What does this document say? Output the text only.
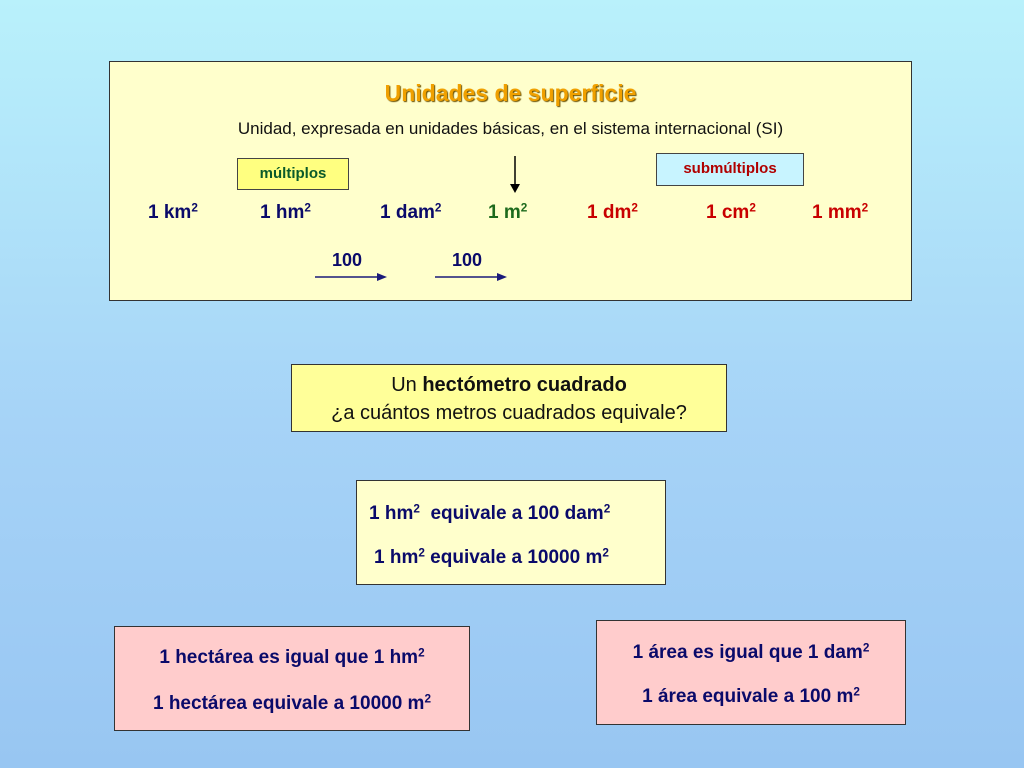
Unidades de superficie
Unidad, expresada en unidades básicas, en el sistema internacional (SI)
múltiplos	submúltiplos
1 $km^2$	1 $hm^2$	1 dam$^2$ 1 $m^2$	1 $dm^2$	1 $cm^2$	1 $mm^2$
100	100
Un hectómetro cuadrado
¿a cuántos metros cuadrados equivale?
1 $hm^2$ equivale a 100 dam$^2$
1 $hm^2$ equivale a 10000 $m^2$
1 hectárea es igual que 1 $hm^2$
1 hectárea equivale a 10000 $m^2$
1 área es igual que 1 dam$^2$
1 área equivale a 100 $m^2$
